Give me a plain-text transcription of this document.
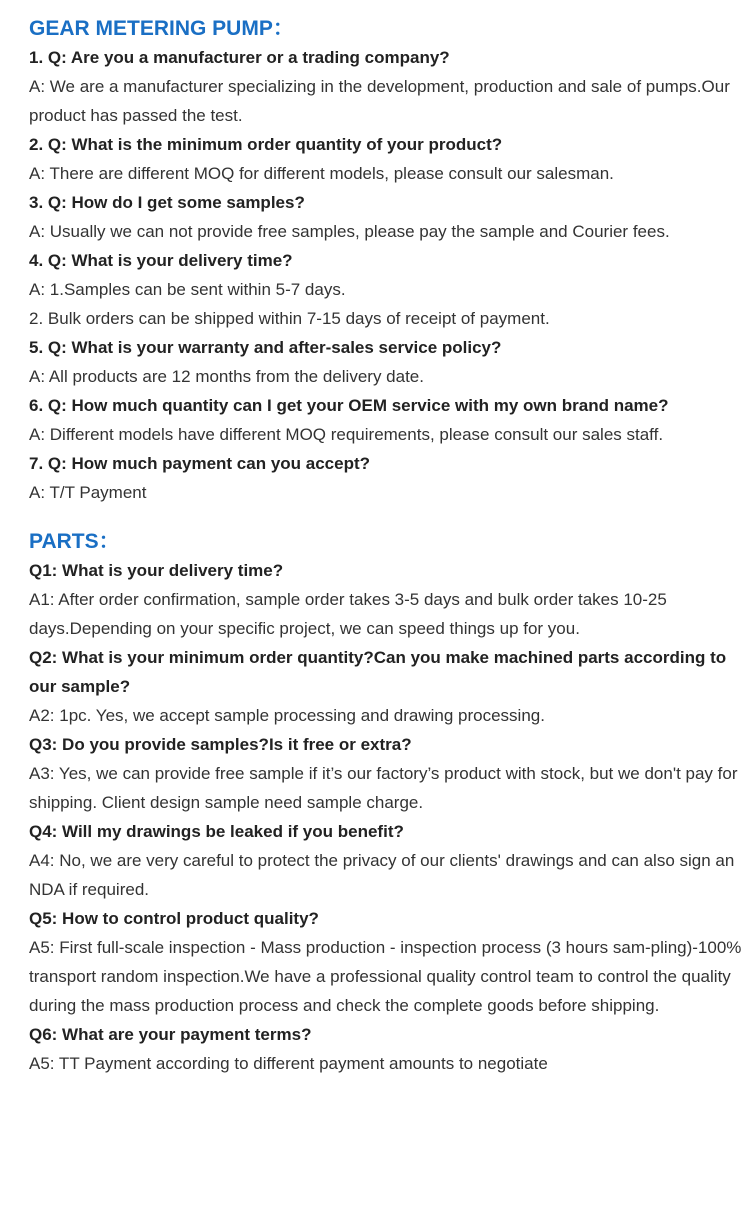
GEAR METERING PUMP：

1. Q: Are you a manufacturer or a trading company?

A: We are a manufacturer specializing in the development, production and sale of pumps.Our product has passed the test.

2. Q: What is the minimum order quantity of your product?

A: There are different MOQ for different models, please consult our salesman.

3. Q: How do I get some samples?

A: Usually we can not provide free samples, please pay the sample and Courier fees.

4. Q: What is your delivery time?

A: 1.Samples can be sent within 5-7 days.

2. Bulk orders can be shipped within 7-15 days of receipt of payment.

5. Q: What is your warranty and after-sales service policy?

A: All products are 12 months from the delivery date.

6. Q: How much quantity can I get your OEM service with my own brand name?

A: Different models have different MOQ requirements, please consult our sales staff.

7. Q: How much payment can you accept?

A: T/T Payment

PARTS：

Q1: What is your delivery time?

A1: After order confirmation, sample order takes 3-5 days and bulk order takes 10-25 days.Depending on your specific project, we can speed things up for you.

Q2: What is your minimum order quantity?Can you make machined parts according to our sample?

A2: 1pc. Yes, we accept sample processing and drawing processing.

Q3: Do you provide samples?Is it free or extra?

A3: Yes, we can provide free sample if it’s our factory’s product with stock, but we don't pay for shipping. Client design sample need sample charge.

Q4: Will my drawings be leaked if you benefit?

A4: No, we are very careful to protect the privacy of our clients' drawings and can also sign an NDA if required.

Q5: How to control product quality?

A5: First full-scale inspection - Mass production - inspection process (3 hours sam-pling)-100% transport random inspection.We have a professional quality control team to control the quality during the mass production process and check the complete goods before shipping.

Q6: What are your payment terms?

A5: TT Payment according to different payment amounts to negotiate
